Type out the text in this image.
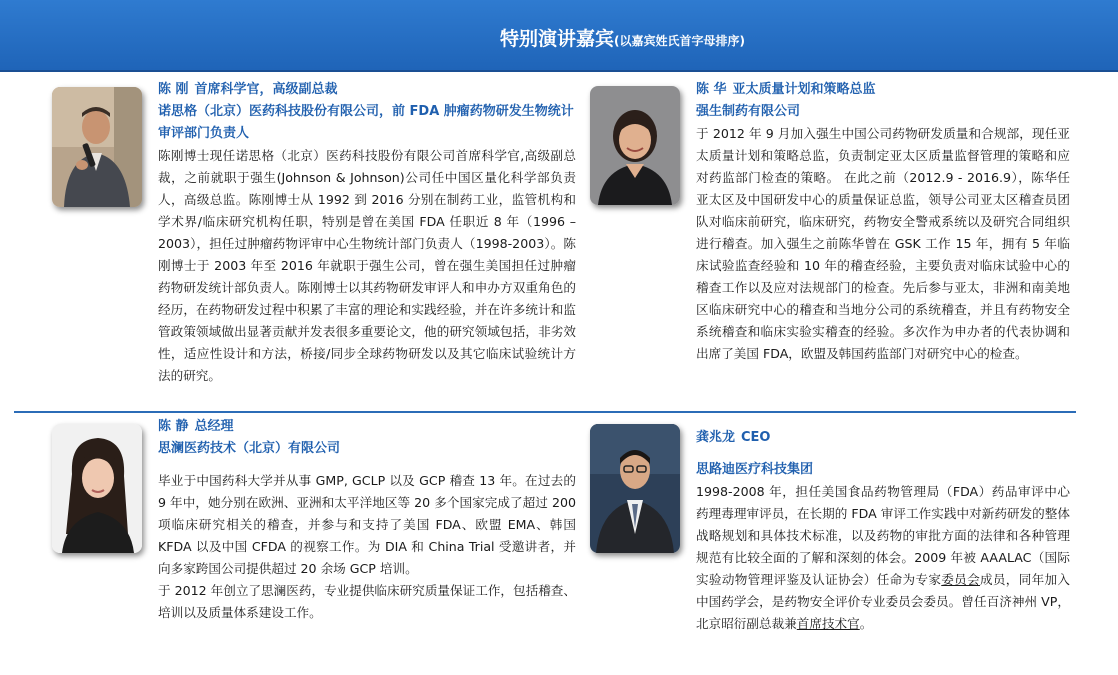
特别演讲嘉宾(以嘉宾姓氏首字母排序)
陈 刚 首席科学官，高级副总裁
诺思格（北京）医药科技股份有限公司，前 FDA 肿瘤药物研发生物统计审评部门负责人
陈刚博士现任诺思格（北京）医药科技股份有限公司首席科学官,高级副总裁，之前就职于强生(Johnson & Johnson)公司任中国区量化科学部负责人，高级总监。陈刚博士从 1992 到 2016 分别在制药工业，监管机构和学术界/临床研究机构任职，特别是曾在美国 FDA 任职近 8 年（1996 – 2003），担任过肿瘤药物评审中心生物统计部门负责人（1998-2003）。陈刚博士于 2003 年至 2016 年就职于强生公司，曾在强生美国担任过肿瘤药物研发统计部负责人。陈刚博士以其药物研发审评人和申办方双重角色的经历，在药物研发过程中积累了丰富的理论和实践经验，并在许多统计和监管政策领域做出显著贡献并发表很多重要论文，他的研究领域包括，非劣效性，适应性设计和方法，桥接/同步全球药物研发以及其它临床试验统计方法的研究。
陈 华 亚太质量计划和策略总监
强生制药有限公司
于 2012 年 9 月加入强生中国公司药物研发质量和合规部，现任亚太质量计划和策略总监，负责制定亚太区质量监督管理的策略和应对药监部门检查的策略。 在此之前（2012.9 - 2016.9），陈华任亚太区及中国研发中心的质量保证总监，领导公司亚太区稽查员团队对临床前研究，临床研究，药物安全警戒系统以及研究合同组织进行稽查。加入强生之前陈华曾在 GSK 工作 15 年，拥有 5 年临床试验监查经验和 10 年的稽查经验，主要负责对临床试验中心的稽查工作以及应对法规部门的检查。先后参与亚太，非洲和南美地区临床研究中心的稽查和当地分公司的系统稽查，并且有药物安全系统稽查和临床实验实稽查的经验。多次作为申办者的代表协调和出席了美国 FDA，欧盟及韩国药监部门对研究中心的检查。
陈 静 总经理
思澜医药技术（北京）有限公司
毕业于中国药科大学并从事 GMP, GCLP 以及 GCP 稽查 13 年。在过去的 9 年中，她分别在欧洲、亚洲和太平洋地区等 20 多个国家完成了超过 200 项临床研究相关的稽查，并参与和支持了美国 FDA、欧盟 EMA、韩国 KFDA 以及中国 CFDA 的视察工作。为 DIA 和 China Trial 受邀讲者，并向多家跨国公司提供超过 20 余场 GCP 培训。
于 2012 年创立了思澜医药，专业提供临床研究质量保证工作，包括稽查、培训以及质量体系建设工作。
龚兆龙 CEO
思路迪医疗科技集团
1998-2008 年，担任美国食品药物管理局（FDA）药品审评中心药理毒理审评员，在长期的 FDA 审评工作实践中对新药研发的整体战略规划和具体技术标准，以及药物的审批方面的法律和各种管理规范有比较全面的了解和深刻的体会。2009 年被 AAALAC（国际实验动物管理评鉴及认证协会）任命为专家委员会成员，同年加入中国药学会，是药物安全评价专业委员会委员。曾任百济神州 VP，北京昭衍副总裁兼首席技术官。
